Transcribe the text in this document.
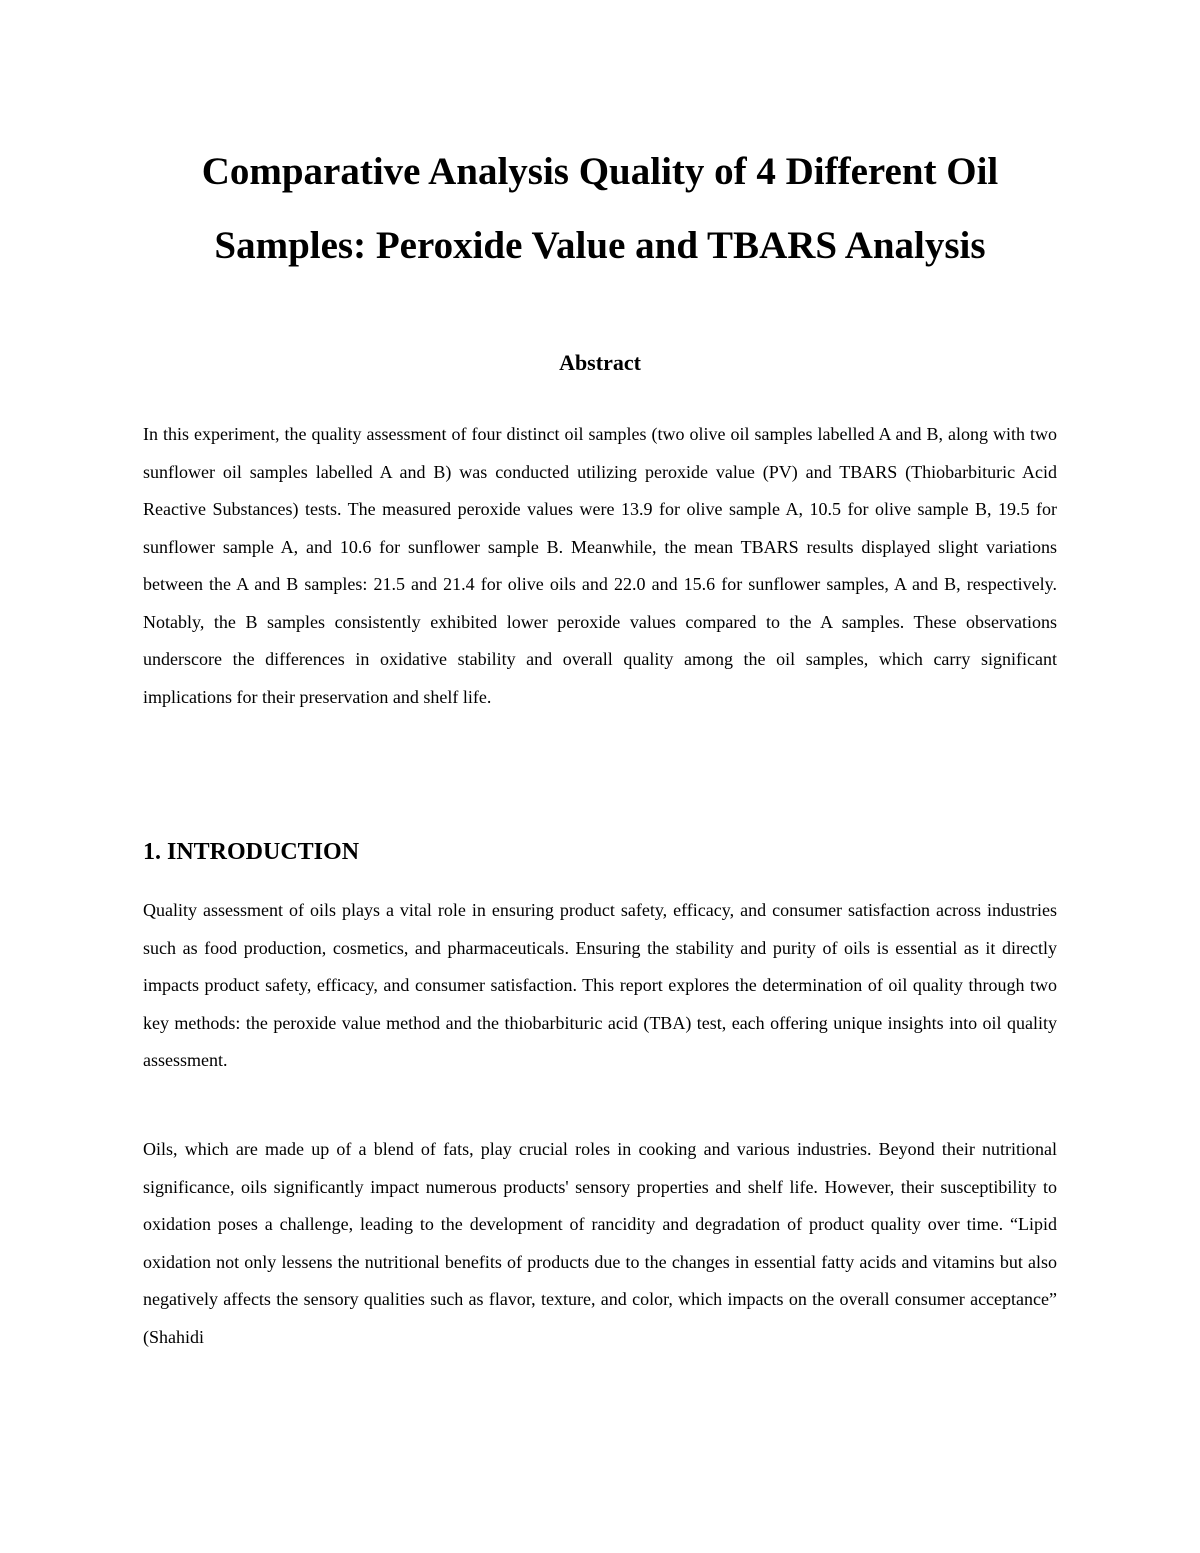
Comparative Analysis Quality of 4 Different Oil
Samples: Peroxide Value and TBARS Analysis
Abstract

In this experiment, the quality assessment of four distinct oil samples (two olive oil samples labelled A and B, along with two sunflower oil samples labelled A and B) was conducted utilizing peroxide value (PV) and TBARS (Thiobarbituric Acid Reactive Substances) tests. The measured peroxide values were 13.9 for olive sample A, 10.5 for olive sample B, 19.5 for sunflower sample A, and 10.6 for sunflower sample B. Meanwhile, the mean TBARS results displayed slight variations between the A and B samples: 21.5 and 21.4 for olive oils and 22.0 and 15.6 for sunflower samples, A and B, respectively. Notably, the B samples consistently exhibited lower peroxide values compared to the A samples. These observations underscore the differences in oxidative stability and overall quality among the oil samples, which carry significant implications for their preservation and shelf life.

1. INTRODUCTION

Quality assessment of oils plays a vital role in ensuring product safety, efficacy, and consumer satisfaction across industries such as food production, cosmetics, and pharmaceuticals. Ensuring the stability and purity of oils is essential as it directly impacts product safety, efficacy, and consumer satisfaction. This report explores the determination of oil quality through two key methods: the peroxide value method and the thiobarbituric acid (TBA) test, each offering unique insights into oil quality assessment.

Oils, which are made up of a blend of fats, play crucial roles in cooking and various industries. Beyond their nutritional significance, oils significantly impact numerous products' sensory properties and shelf life. However, their susceptibility to oxidation poses a challenge, leading to the development of rancidity and degradation of product quality over time. “Lipid oxidation not only lessens the nutritional benefits of products due to the changes in essential fatty acids and vitamins but also negatively affects the sensory qualities such as flavor, texture, and color, which impacts on the overall consumer acceptance” (Shahidi
